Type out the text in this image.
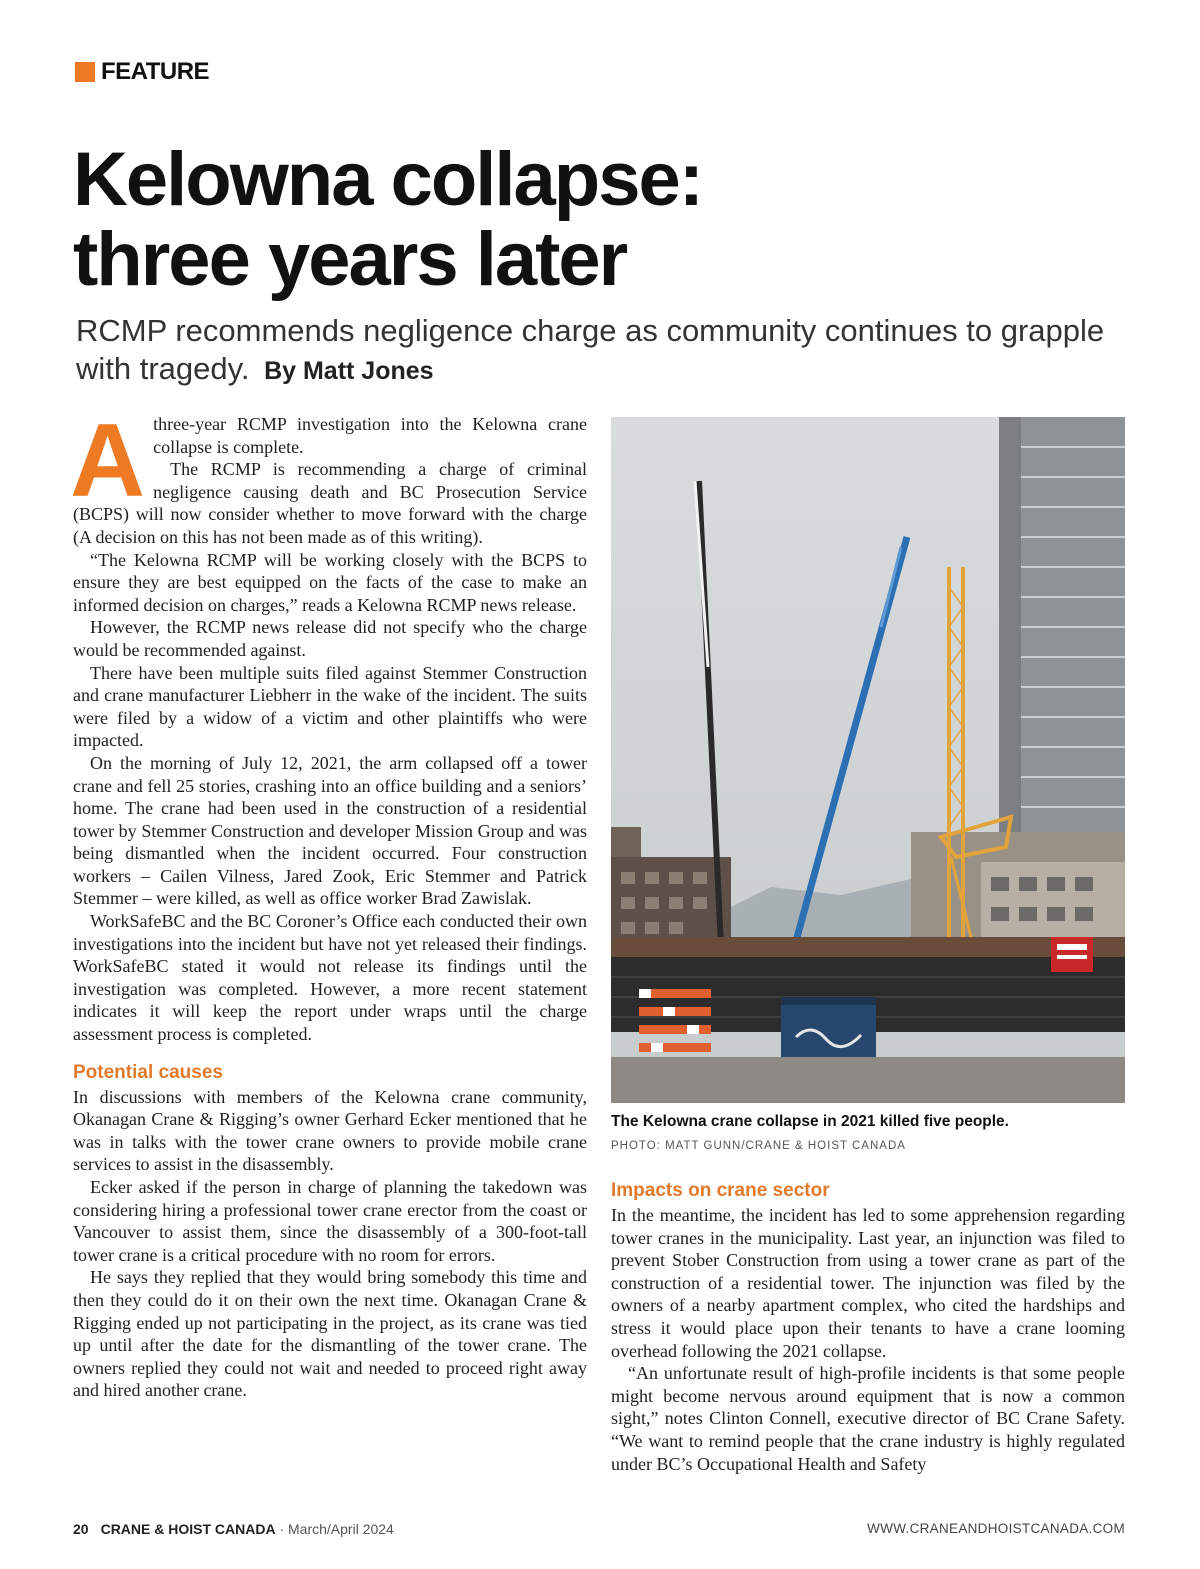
FEATURE
Kelowna collapse:
three years later
RCMP recommends negligence charge as community continues to grapple with tragedy. By Matt Jones

Athree-year RCMP investigation into the Kelowna crane collapse is complete.

The RCMP is recommending a charge of criminal negligence causing death and BC Prosecution Service (BCPS) will now consider whether to move forward with the charge (A decision on this has not been made as of this writing).

“The Kelowna RCMP will be working closely with the BCPS to ensure they are best equipped on the facts of the case to make an informed decision on charges,” reads a Kelowna RCMP news release.

However, the RCMP news release did not specify who the charge would be recommended against.

There have been multiple suits filed against Stemmer Construction and crane manufacturer Liebherr in the wake of the incident. The suits were filed by a widow of a victim and other plaintiffs who were impacted.

On the morning of July 12, 2021, the arm collapsed off a tower crane and fell 25 stories, crashing into an office building and a seniors’ home. The crane had been used in the construction of a residential tower by Stemmer Construction and developer Mission Group and was being dismantled when the incident occurred. Four construction workers – Cailen Vilness, Jared Zook, Eric Stemmer and Patrick Stemmer – were killed, as well as office worker Brad Zawislak.

WorkSafeBC and the BC Coroner’s Office each conducted their own investigations into the incident but have not yet released their findings. WorkSafeBC stated it would not release its findings until the investigation was completed. However, a more recent statement indicates it will keep the report under wraps until the charge assessment process is completed.

Potential causes

In discussions with members of the Kelowna crane community, Okanagan Crane & Rigging’s owner Gerhard Ecker mentioned that he was in talks with the tower crane owners to provide mobile crane services to assist in the disassembly.

Ecker asked if the person in charge of planning the takedown was considering hiring a professional tower crane erector from the coast or Vancouver to assist them, since the disassembly of a 300-foot-tall tower crane is a critical procedure with no room for errors.

He says they replied that they would bring somebody this time and then they could do it on their own the next time. Okanagan Crane & Rigging ended up not participating in the project, as its crane was tied up until after the date for the dismantling of the tower crane. The owners replied they could not wait and needed to proceed right away and hired another crane.

The Kelowna crane collapse in 2021 killed five people.
PHOTO: MATT GUNN/CRANE & HOIST CANADA
Impacts on crane sector

In the meantime, the incident has led to some apprehension regarding tower cranes in the municipality. Last year, an injunction was filed to prevent Stober Construction from using a tower crane as part of the construction of a residential tower. The injunction was filed by the owners of a nearby apartment complex, who cited the hardships and stress it would place upon their tenants to have a crane looming overhead following the 2021 collapse.

“An unfortunate result of high-profile incidents is that some people might become nervous around equipment that is now a common sight,” notes Clinton Connell, executive director of BC Crane Safety. “We want to remind people that the crane industry is highly regulated under BC’s Occupational Health and Safety

20 CRANE & HOIST CANADA · March/April 2024	WWW.CRANEANDHOISTCANADA.COM
